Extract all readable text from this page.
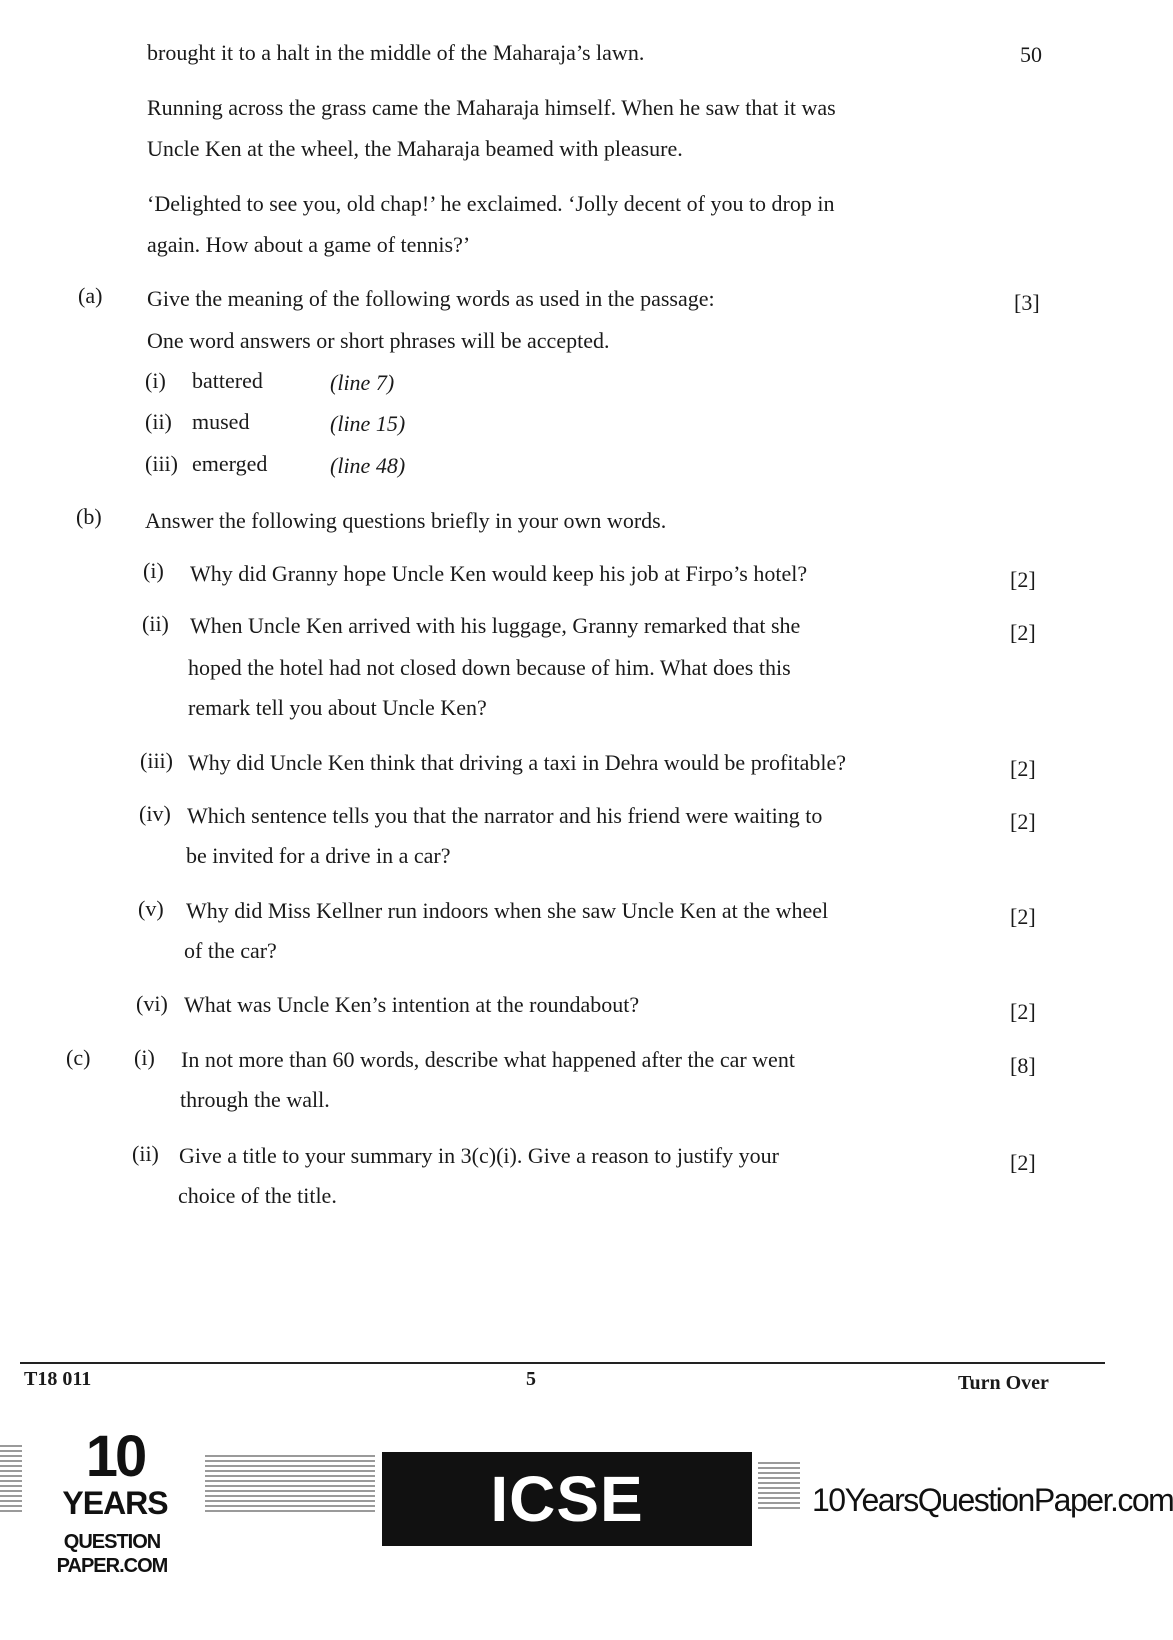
brought it to a halt in the middle of the Maharaja’s lawn.	50
Running across the grass came the Maharaja himself. When he saw that it was
Uncle Ken at the wheel, the Maharaja beamed with pleasure.
‘Delighted to see you, old chap!’ he exclaimed. ‘Jolly decent of you to drop in
again. How about a game of tennis?’
(a) Give the meaning of the following words as used in the passage:	[3]
One word answers or short phrases will be accepted.
(i) battered	(line 7)
(ii) mused	(line 15)
(iii) emerged	(line 48)
(b) Answer the following questions briefly in your own words.
(i) Why did Granny hope Uncle Ken would keep his job at Firpo’s hotel?	[2]
(ii) When Uncle Ken arrived with his luggage, Granny remarked that she
hoped the hotel had not closed down because of him. What does this
remark tell you about Uncle Ken?
[2]
(iii) Why did Uncle Ken think that driving a taxi in Dehra would be profitable?	[2]
(iv) Which sentence tells you that the narrator and his friend were waiting to
be invited for a drive in a car?
[2]
(v) Why did Miss Kellner run indoors when she saw Uncle Ken at the wheel
of the car?
[2]
(vi) What was Uncle Ken’s intention at the roundabout?	[2]
(c) (i) In not more than 60 words, describe what happened after the car went
through the wall.
[8]
(ii) Give a title to your summary in 3(c)(i). Give a reason to justify your
choice of the title.
[2]
T18 011	5	Turn Over
10
YEARS
QUESTION PAPER.COM
ICSE BOARD X
10YearsQuestionPaper.com
